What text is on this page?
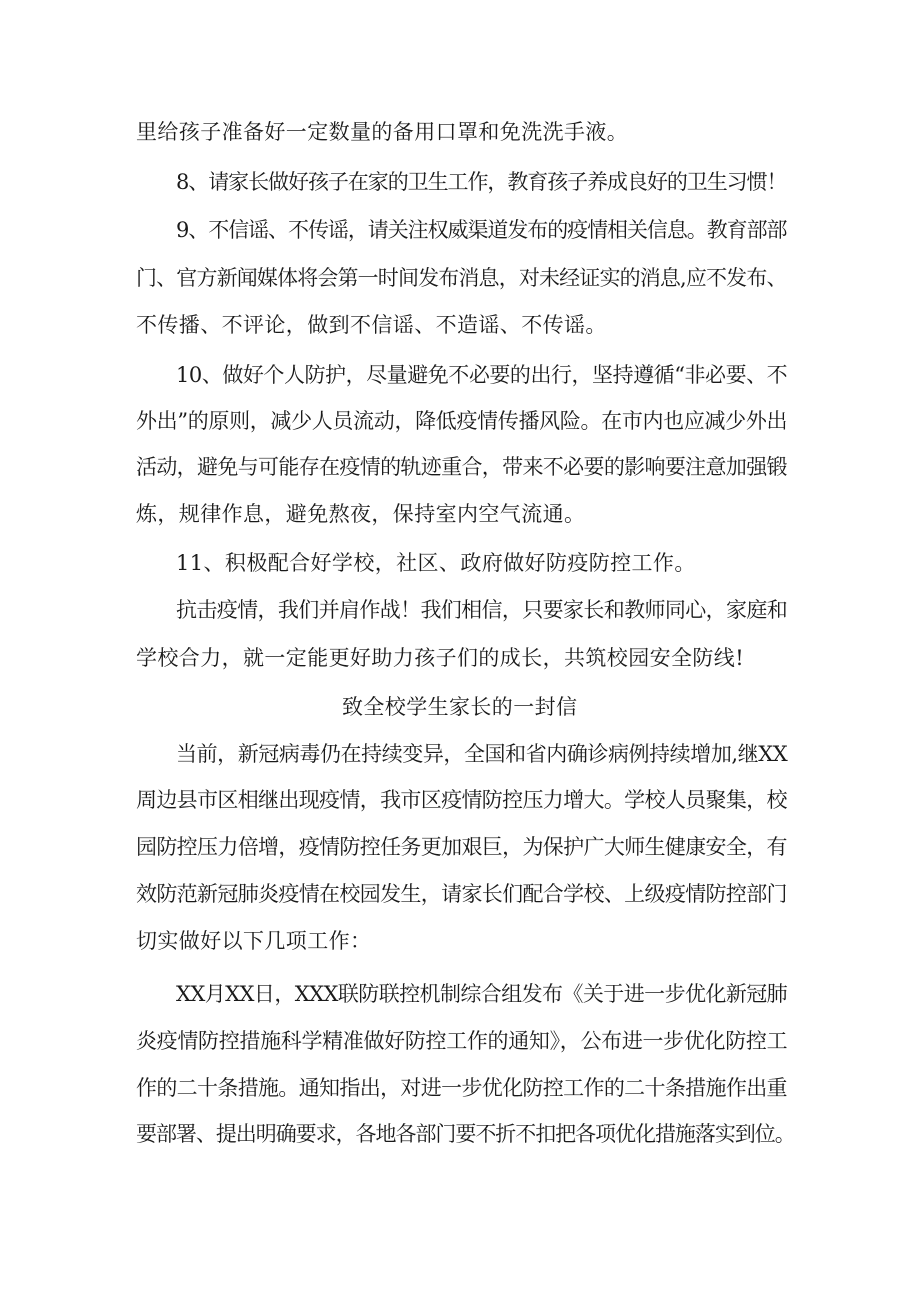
里给孩子准备好一定数量的备用口罩和免洗洗手液。
8、请家长做好孩子在家的卫生工作，教育孩子养成良好的卫生习惯！
9、不信谣、不传谣，请关注权威渠道发布的疫情相关信息。教育部部
门、官方新闻媒体将会第一时间发布消息，对未经证实的消息,应不发布、
不传播、不评论，做到不信谣、不造谣、不传谣。
10、做好个人防护，尽量避免不必要的出行，坚持遵循“非必要、不
外出”的原则，减少人员流动，降低疫情传播风险。在市内也应减少外出
活动，避免与可能存在疫情的轨迹重合，带来不必要的影响要注意加强锻
炼，规律作息，避免熬夜，保持室内空气流通。
11、积极配合好学校，社区、政府做好防疫防控工作。
抗击疫情，我们并肩作战！我们相信，只要家长和教师同心，家庭和
学校合力，就一定能更好助力孩子们的成长，共筑校园安全防线!
致全校学生家长的一封信
当前，新冠病毒仍在持续变异，全国和省内确诊病例持续增加,继XX
周边县市区相继出现疫情，我市区疫情防控压力增大。学校人员聚集，校
园防控压力倍增，疫情防控任务更加艰巨，为保护广大师生健康安全，有
效防范新冠肺炎疫情在校园发生，请家长们配合学校、上级疫情防控部门
切实做好以下几项工作：
XX月XX日，XXX联防联控机制综合组发布《关于进一步优化新冠肺
炎疫情防控措施科学精准做好防控工作的通知》，公布进一步优化防控工
作的二十条措施。通知指出，对进一步优化防控工作的二十条措施作出重
要部署、提出明确要求，各地各部门要不折不扣把各项优化措施落实到位。
